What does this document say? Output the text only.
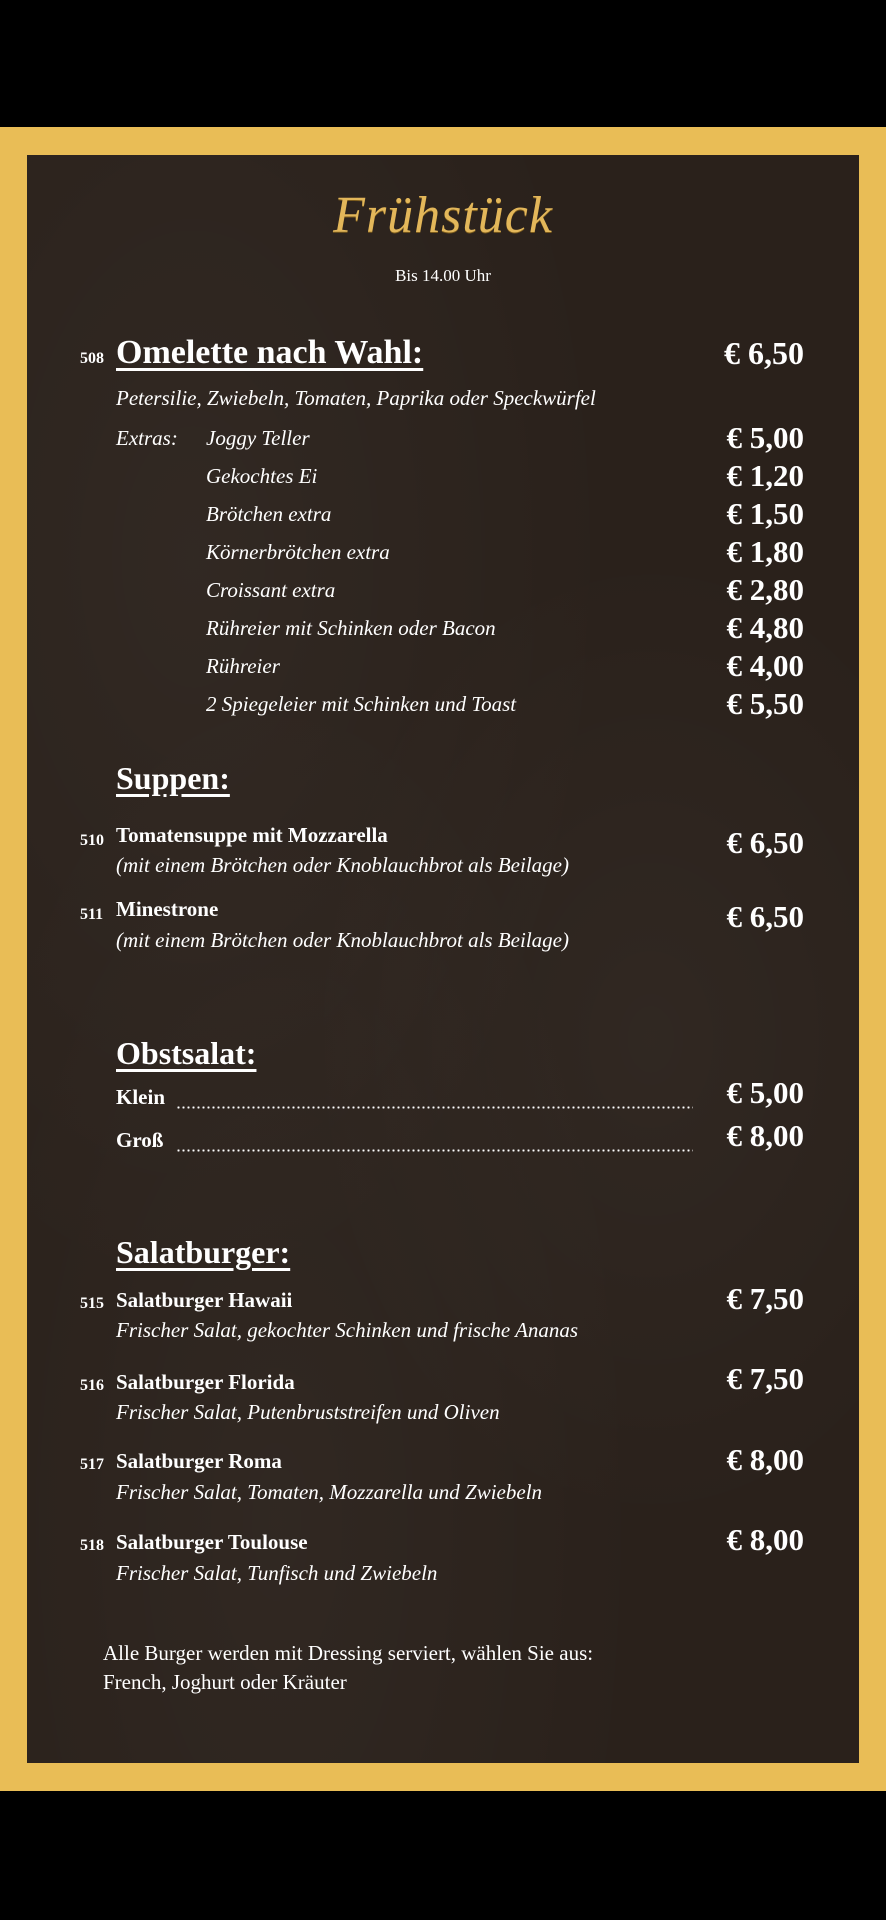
Frühstück
Bis 14.00 Uhr
508 Omelette nach Wahl:	€ 6,50
Petersilie, Zwiebeln, Tomaten, Paprika oder Speckwürfel
Extras: Joggy Teller	€ 5,00
Gekochtes Ei	€ 1,20
Brötchen extra	€ 1,50
Körnerbrötchen extra	€ 1,80
Croissant extra	€ 2,80
Rühreier mit Schinken oder Bacon	€ 4,80
Rühreier	€ 4,00
2 Spiegeleier mit Schinken und Toast	€ 5,50
Suppen:
510 Tomatensuppe mit Mozzarella
(mit einem Brötchen oder Knoblauchbrot als Beilage)
€ 6,50
511 Minestrone
(mit einem Brötchen oder Knoblauchbrot als Beilage)
€ 6,50
Obstsalat:
Klein	€ 5,00
Groß	€ 8,00
Salatburger:
515 Salatburger Hawaii
Frischer Salat, gekochter Schinken und frische Ananas
€ 7,50
516 Salatburger Florida
Frischer Salat, Putenbruststreifen und Oliven
€ 7,50
517 Salatburger Roma
Frischer Salat, Tomaten, Mozzarella und Zwiebeln
€ 8,00
518 Salatburger Toulouse
Frischer Salat, Tunfisch und Zwiebeln
€ 8,00
Alle Burger werden mit Dressing serviert, wählen Sie aus:
French, Joghurt oder Kräuter
